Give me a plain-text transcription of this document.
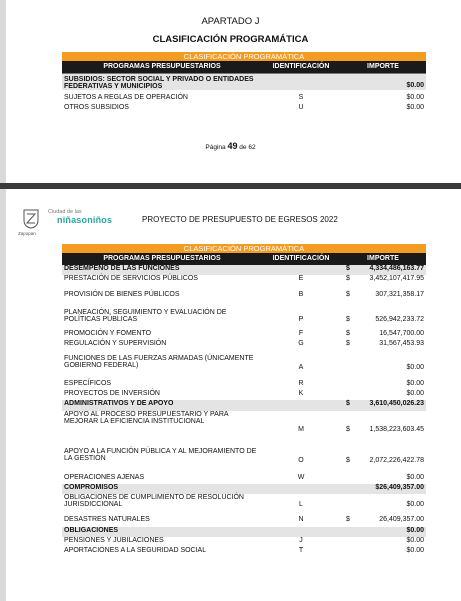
APARTADO J
CLASIFICACIÓN PROGRAMÁTICA
CLASIFICACIÓN PROGRAMÁTICA		
PROGRAMAS PRESUPUESTARIOS	IDENTIFICACIÓN	IMPORTE
SUBSIDIOS: SECTOR SOCIAL Y PRIVADO O ENTIDADES FEDERATIVAS Y MUNICIPIOS		$0.00
SUJETOS A REGLAS DE OPERACIÓN	S	$0.00
OTROS SUBSIDIOS	U	$0.00
Página 49 de 62
Zapopan
Ciudad de las
niñasoniños	PROYECTO DE PRESUPUESTO DE EGRESOS 2022
CLASIFICACIÓN PROGRAMÁTICA		
PROGRAMAS PRESUPUESTARIOS	IDENTIFICACIÓN	IMPORTE
DESEMPEÑO DE LAS FUNCIONES		$ 4,334,486,163.77
PRESTACIÓN DE SERVICIOS PÚBLICOS	E	$ 3,452,107,417.95
PROVISIÓN DE BIENES PÚBLICOS	B	$ 307,321,358.17
PLANEACIÓN, SEGUIMIENTO Y EVALUACIÓN DE POLÍTICAS PÚBLICAS	P	$ 526,942,233.72
PROMOCIÓN Y FOMENTO	F	$ 16,547,700.00
REGULACIÓN Y SUPERVISIÓN	G	$ 31,567,453.93
FUNCIONES DE LAS FUERZAS ARMADAS (ÚNICAMENTE GOBIERNO FEDERAL)	A	$0.00
ESPECÍFICOS	R	$0.00
PROYECTOS DE INVERSIÓN	K	$0.00
ADMINISTRATIVOS Y DE APOYO		$ 3,610,450,026.23
APOYO AL PROCESO PRESUPUESTARIO Y PARA MEJORAR LA EFICIENCIA INSTITUCIONAL	M	$ 1,538,223,603.45
APOYO A LA FUNCIÓN PÚBLICA Y AL MEJORAMIENTO DE LA GESTIÓN	O	$ 2,072,226,422.78
OPERACIONES AJENAS	W	$0.00
COMPROMISOS		$26,409,357.00
OBLIGACIONES DE CUMPLIMIENTO DE RESOLUCIÓN JURISDICCIONAL	L	$0.00
DESASTRES NATURALES	N	$ 26,409,357.00
OBLIGACIONES		$0.00
PENSIONES Y JUBILACIONES	J	$0.00
APORTACIONES A LA SEGURIDAD SOCIAL	T	$0.00
